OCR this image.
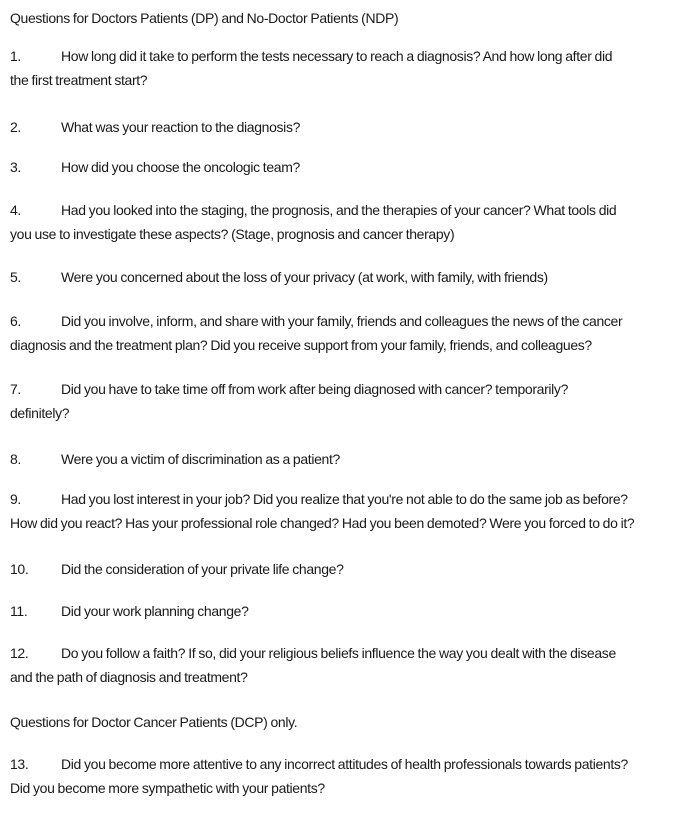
Questions for Doctors Patients (DP) and No-Doctor Patients (NDP)
1.	How long did it take to perform the tests necessary to reach a diagnosis? And how long after did
the first treatment start?
2.	What was your reaction to the diagnosis?
3.	How did you choose the oncologic team?
4.	Had you looked into the staging, the prognosis, and the therapies of your cancer? What tools did
you use to investigate these aspects? (Stage, prognosis and cancer therapy)
5.	Were you concerned about the loss of your privacy (at work, with family, with friends)
6.	Did you involve, inform, and share with your family, friends and colleagues the news of the cancer
diagnosis and the treatment plan? Did you receive support from your family, friends, and colleagues?
7.	Did you have to take time off from work after being diagnosed with cancer? temporarily?
definitely?
8.	Were you a victim of discrimination as a patient?
9.	Had you lost interest in your job? Did you realize that you're not able to do the same job as before?
How did you react? Has your professional role changed? Had you been demoted? Were you forced to do it?
10. Did the consideration of your private life change?
11. Did your work planning change?
12. Do you follow a faith? If so, did your religious beliefs influence the way you dealt with the disease
and the path of diagnosis and treatment?
Questions for Doctor Cancer Patients (DCP) only.
13. Did you become more attentive to any incorrect attitudes of health professionals towards patients?
Did you become more sympathetic with your patients?
